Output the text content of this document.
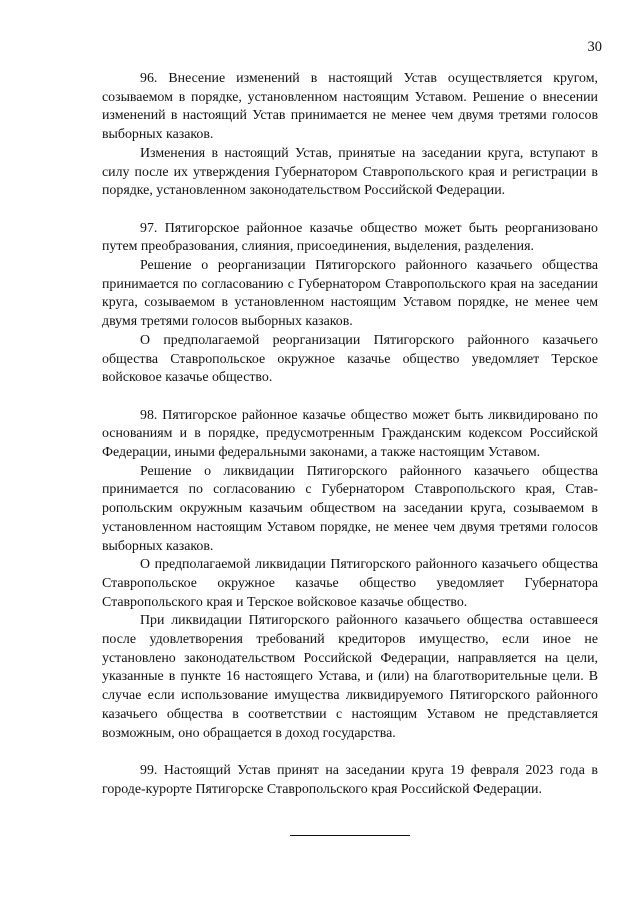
30

96. Внесение изменений в настоящий Устав осуществляется кругом, созываемом в порядке, установленном настоящим Уставом. Решение о внесении изменений в настоящий Устав принимается не менее чем двумя третями голосов выборных казаков.

Изменения в настоящий Устав, принятые на заседании круга, вступают в силу после их утверждения Губернатором Ставропольского края и регистрации в порядке, установленном законодательством Российской Федерации.

97. Пятигорское районное казачье общество может быть реорганизовано путем преобразования, слияния, присоединения, выделения, разделения.

Решение о реорганизации Пятигорского районного казачьего общества принимается по согласованию с Губернатором Ставропольского края на заседании круга, созываемом в установленном настоящим Уставом порядке, не менее чем двумя третями голосов выборных казаков.

О предполагаемой реорганизации Пятигорского районного казачьего общества Ставропольское окружное казачье общество уведомляет Терское войсковое казачье общество.

98. Пятигорское районное казачье общество может быть ликвидировано по основаниям и в порядке, предусмотренным Гражданским кодексом Российской Федерации, иными федеральными законами, а также настоящим Уставом.

Решение о ликвидации Пятигорского районного казачьего общества принимается по согласованию с Губернатором Ставропольского края, Ставропольским окружным казачьим обществом на заседании круга, созываемом в установленном настоящим Уставом порядке, не менее чем двумя третями голосов выборных казаков.

О предполагаемой ликвидации Пятигорского районного казачьего общества Ставропольское окружное казачье общество уведомляет Губернатора Ставропольского края и Терское войсковое казачье общество.

При ликвидации Пятигорского районного казачьего общества оставшееся после удовлетворения требований кредиторов имущество, если иное не установлено законодательством Российской Федерации, направляется на цели, указанные в пункте 16 настоящего Устава, и (или) на благотворительные цели. В случае если использование имущества ликвидируемого Пятигорского районного казачьего общества в соответствии с настоящим Уставом не представляется возможным, оно обращается в доход государства.

99. Настоящий Устав принят на заседании круга 19 февраля 2023 года в городе-курорте Пятигорске Ставропольского края Российской Федерации.
